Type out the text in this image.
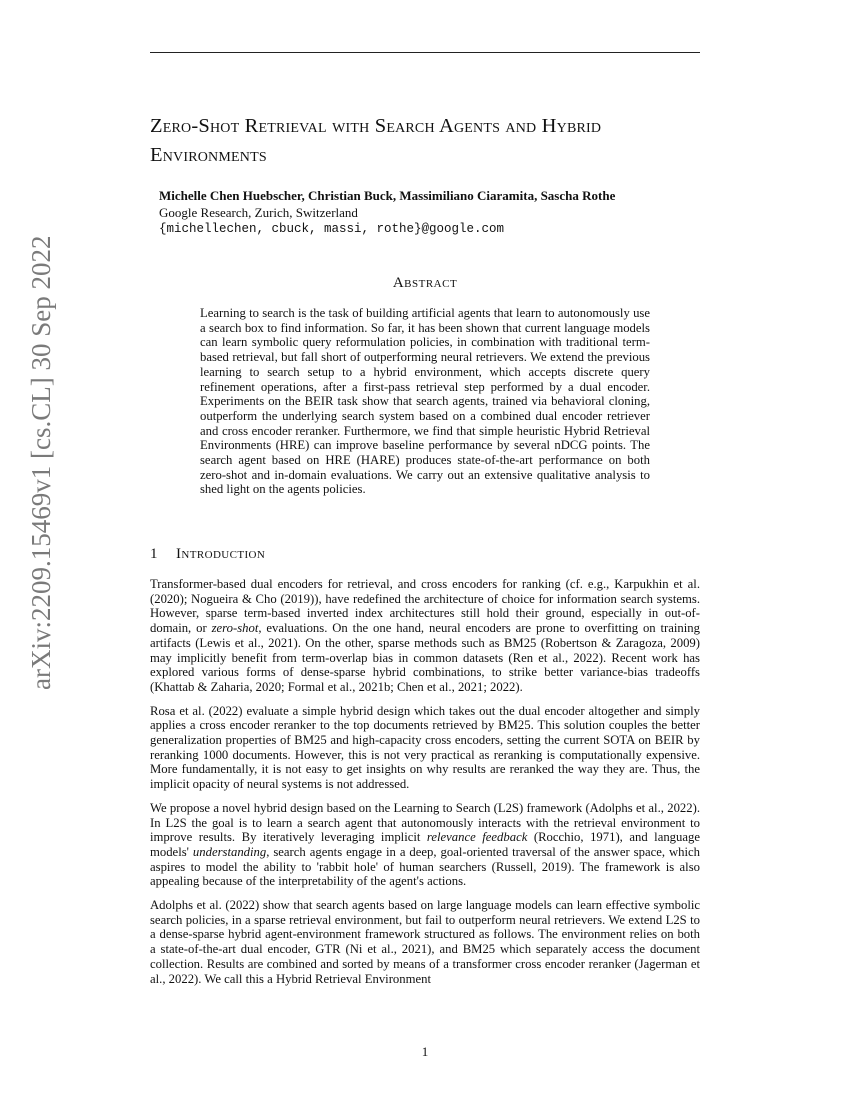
arXiv:2209.15469v1 [cs.CL] 30 Sep 2022
Zero-Shot Retrieval with Search Agents and Hybrid Environments
Michelle Chen Huebscher, Christian Buck, Massimiliano Ciaramita, Sascha Rothe
Google Research, Zurich, Switzerland
{michellechen, cbuck, massi, rothe}@google.com
Abstract
Learning to search is the task of building artificial agents that learn to autonomously use a search box to find information. So far, it has been shown that current language models can learn symbolic query reformulation policies, in combination with traditional term-based retrieval, but fall short of outperforming neural retrievers. We extend the previous learning to search setup to a hybrid environment, which accepts discrete query refinement operations, after a first-pass retrieval step performed by a dual encoder. Experiments on the BEIR task show that search agents, trained via behavioral cloning, outperform the underlying search system based on a combined dual encoder retriever and cross encoder reranker. Furthermore, we find that simple heuristic Hybrid Retrieval Environments (HRE) can improve baseline performance by several nDCG points. The search agent based on HRE (HARE) produces state-of-the-art performance on both zero-shot and in-domain evaluations. We carry out an extensive qualitative analysis to shed light on the agents policies.
1 Introduction

Transformer-based dual encoders for retrieval, and cross encoders for ranking (cf. e.g., Karpukhin et al. (2020); Nogueira & Cho (2019)), have redefined the architecture of choice for information search systems. However, sparse term-based inverted index architectures still hold their ground, especially in out-of-domain, or zero-shot, evaluations. On the one hand, neural encoders are prone to overfitting on training artifacts (Lewis et al., 2021). On the other, sparse methods such as BM25 (Robertson & Zaragoza, 2009) may implicitly benefit from term-overlap bias in common datasets (Ren et al., 2022). Recent work has explored various forms of dense-sparse hybrid combinations, to strike better variance-bias tradeoffs (Khattab & Zaharia, 2020; Formal et al., 2021b; Chen et al., 2021; 2022).

Rosa et al. (2022) evaluate a simple hybrid design which takes out the dual encoder altogether and simply applies a cross encoder reranker to the top documents retrieved by BM25. This solution couples the better generalization properties of BM25 and high-capacity cross encoders, setting the current SOTA on BEIR by reranking 1000 documents. However, this is not very practical as reranking is computationally expensive. More fundamentally, it is not easy to get insights on why results are reranked the way they are. Thus, the implicit opacity of neural systems is not addressed.

We propose a novel hybrid design based on the Learning to Search (L2S) framework (Adolphs et al., 2022). In L2S the goal is to learn a search agent that autonomously interacts with the retrieval environment to improve results. By iteratively leveraging implicit relevance feedback (Rocchio, 1971), and language models' understanding, search agents engage in a deep, goal-oriented traversal of the answer space, which aspires to model the ability to 'rabbit hole' of human searchers (Russell, 2019). The framework is also appealing because of the interpretability of the agent's actions.

Adolphs et al. (2022) show that search agents based on large language models can learn effective symbolic search policies, in a sparse retrieval environment, but fail to outperform neural retrievers. We extend L2S to a dense-sparse hybrid agent-environment framework structured as follows. The environment relies on both a state-of-the-art dual encoder, GTR (Ni et al., 2021), and BM25 which separately access the document collection. Results are combined and sorted by means of a transformer cross encoder reranker (Jagerman et al., 2022). We call this a Hybrid Retrieval Environment

1
